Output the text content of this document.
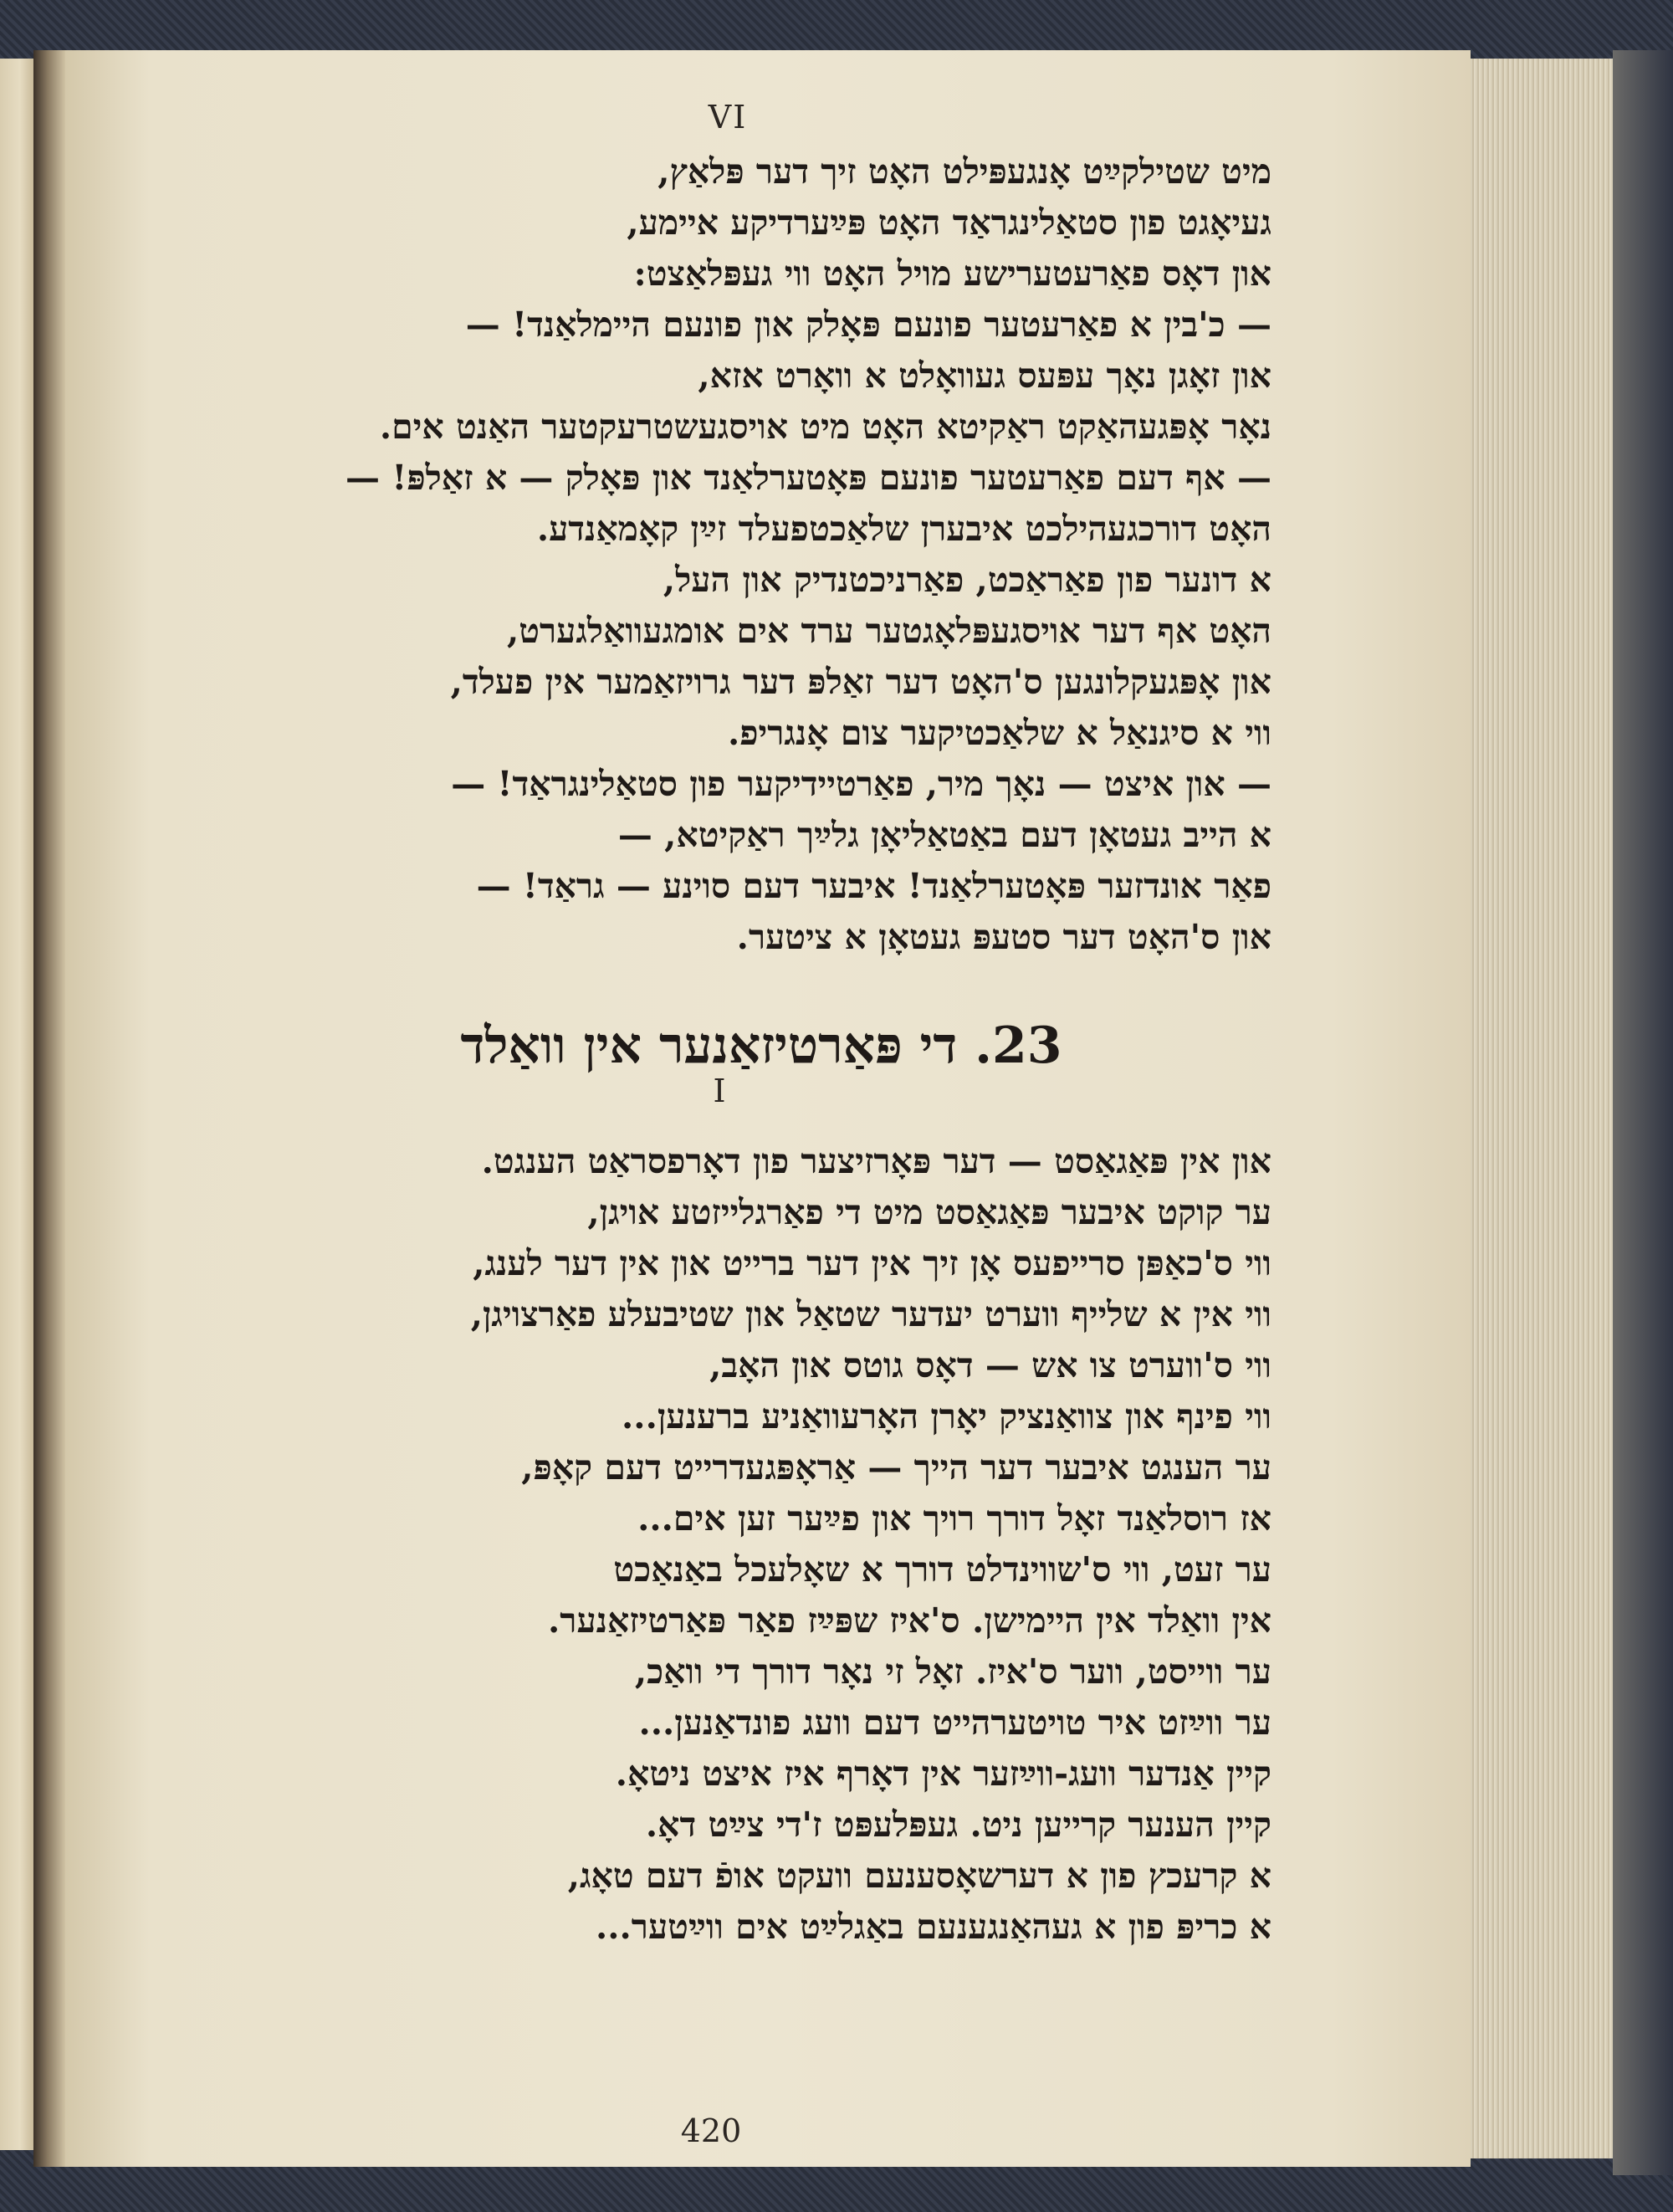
VI
מיט שטילקײַט אָנגעפּילט האָט זיך דער פּלאַץ,
געיאָגט פון סטאַלינגראַד האָט פּײַערדיקע איימע,
און דאָס פאַרעטערישע מויל האָט ווי געפּלאַצט:
— כ'בין א פאַרעטער פונעם פּאָלק און פונעם היימלאַנד! —
און זאָגן נאָך עפּעס געוואָלט א וואָרט אזא,
נאָר אָפּגעהאַקט ראַקיטא האָט מיט אויסגעשטרעקטער האַנט אים.
— אף דעם פאַרעטער פונעם פּאָטערלאַנד און פּאָלק — א זאַלפּ! —
האָט דורכגעהילכט איבערן שלאַכטפעלד זײַן קאָמאַנדע.
א דונער פון פאַראַכט, פאַרניכטנדיק און העל,
האָט אף דער אויסגעפּלאָגטער ערד אים אומגעוואַלגערט,
און אָפּגעקלונגען ס'האָט דער זאַלפּ דער גרויזאַמער אין פעלד,
ווי א סיגנאַל א שלאַכטיקער צום אָנגריפ.
— און איצט — נאָך מיר, פאַרטיידיקער פון סטאַלינגראַד! —
א הייב געטאָן דעם באַטאַליאָן גלײַך ראַקיטא, —
פאַר אונדזער פּאָטערלאַנד! איבער דעם סוינע — גראַד! —
און ס'האָט דער סטעפּ געטאָן א ציטער.
23. די פּאַרטיזאַנער אין וואַלד
I
און אין פּאַגאַסט — דער פּאָרזיצער פון דאָרפסראַט הענגט.
ער קוקט איבער פּאַגאַסט מיט די פאַרגלייזטע אויגן,
ווי ס'כאַפּן סרייפעס אָן זיך אין דער ברייט און אין דער לענג,
ווי אין א שלייף ווערט יעדער שטאַל און שטיבעלע פאַרצויגן,
ווי ס'ווערט צו אש — דאָס גוטס און האָב,
ווי פינף און צוואַנציק יאָרן האָרעוואַניע ברענען...
ער הענגט איבער דער הייך — אַראָפּגעדרייט דעם קאָפּ,
אז רוסלאַנד זאָל דורך רויך און פײַער זען אים...
ער זעט, ווי ס'שווינדלט דורך א שאָלעכל באַנאַכט
אין וואַלד אין היימישן. ס'איז שפּײַז פאַר פּאַרטיזאַנער.
ער ווייסט, ווער ס'איז. זאָל זי נאָר דורך די וואַכ,
ער ווײַזט איר טויטערהייט דעם וועג פונדאַנען...
קיין אַנדער וועג-ווײַזער אין דאָרף איז איצט ניטאָ.
קיין הענער קרייען ניט. געפּלעפּט ז'די צײַט דאָ.
א קרעכץ פון א דערשאָסענעם וועקט אופֿ דעם טאָג,
א כריפּ פון א געהאַנגענעם באַגלײַט אים ווײַטער...
420
